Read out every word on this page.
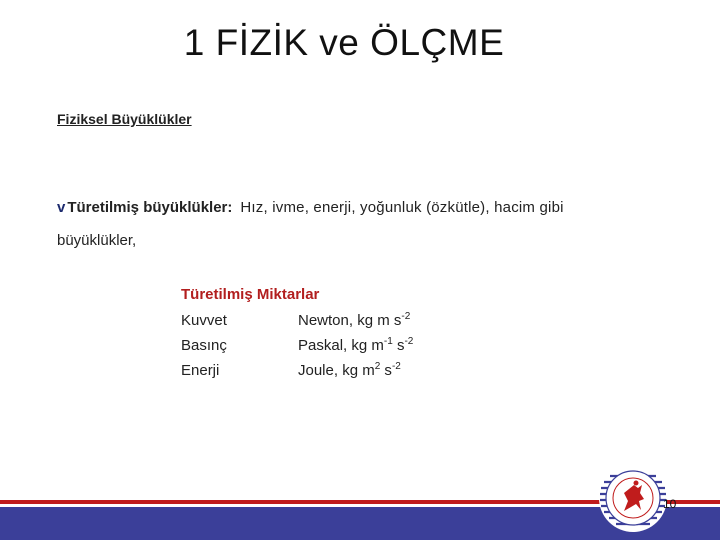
1 FİZİK ve ÖLÇME
Fiziksel Büyüklükler
v Türetilmiş büyüklükler: Hız, ivme, enerji, yoğunluk (özkütle), hacim gibi
büyüklükler,
Türetilmiş Miktarlar
Kuvvet	Newton, kg m $s^{-2}$
Basınç	Paskal, kg $m^{-1}$ $s^{-2}$
Enerji	Joule, kg $m^2$ $s^{-2}$
10
